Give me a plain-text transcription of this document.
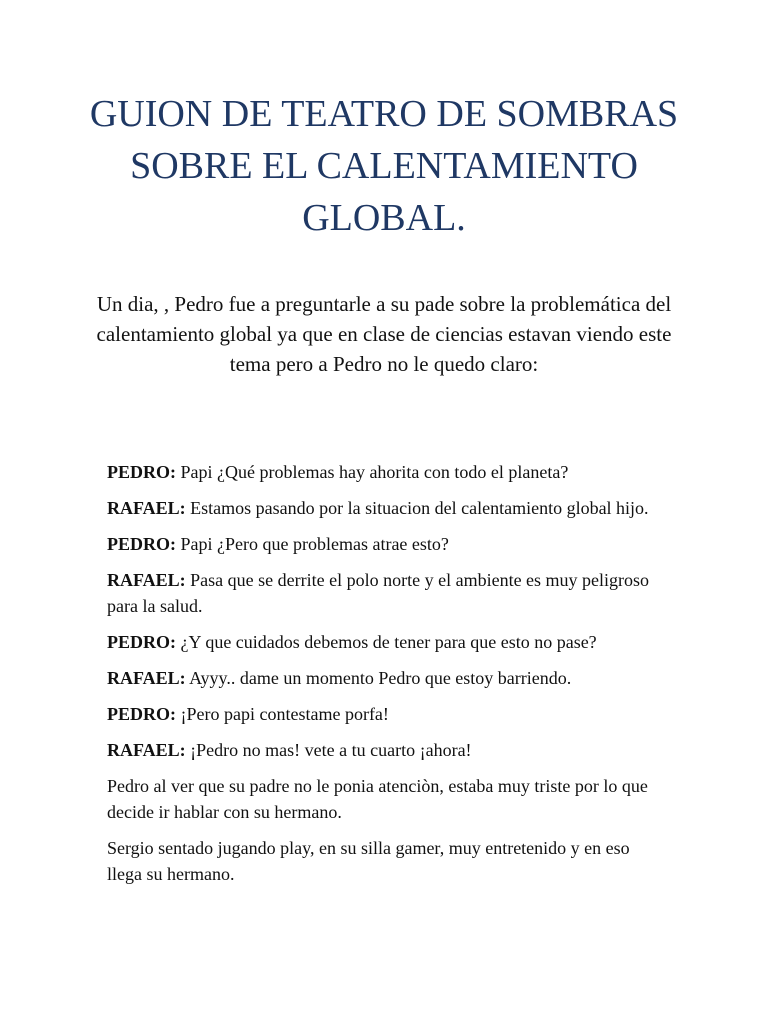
GUION DE TEATRO DE SOMBRAS
SOBRE EL CALENTAMIENTO
GLOBAL.

Un dia, , Pedro fue a preguntarle a su pade sobre la problemática del calentamiento global ya que en clase de ciencias estavan viendo este tema pero a Pedro no le quedo claro:

PEDRO: Papi ¿Qué problemas hay ahorita con todo el planeta?

RAFAEL: Estamos pasando por la situacion del calentamiento global hijo.

PEDRO: Papi ¿Pero que problemas atrae esto?

RAFAEL: Pasa que se derrite el polo norte y el ambiente es muy peligroso para la salud.

PEDRO: ¿Y que cuidados debemos de tener para que esto no pase?

RAFAEL: Ayyy.. dame un momento Pedro que estoy barriendo.

PEDRO: ¡Pero papi contestame porfa!

RAFAEL: ¡Pedro no mas! vete a tu cuarto ¡ahora!

Pedro al ver que su padre no le ponia atenciòn, estaba muy triste por lo que decide ir hablar con su hermano.

Sergio sentado jugando play, en su silla gamer, muy entretenido y en eso llega su hermano.
